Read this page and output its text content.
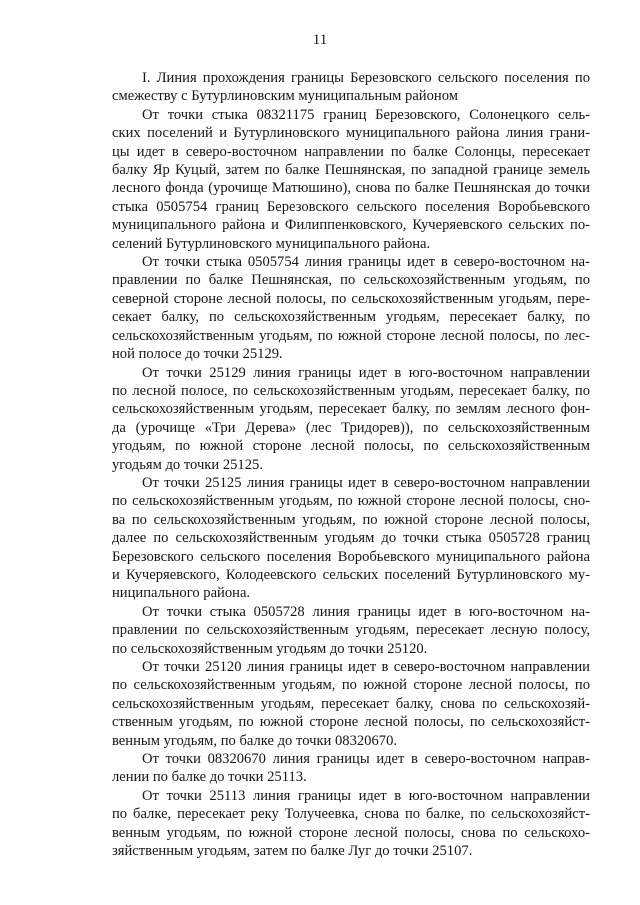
11
I. Линия прохождения границы Березовского сельского поселения по
смежеству с Бутурлиновским муниципальным районом
От точки стыка 08321175 границ Березовского, Солонецкого сель-
ских поселений и Бутурлиновского муниципального района линия грани-
цы идет в северо-восточном направлении по балке Солонцы, пересекает
балку Яр Куцый, затем по балке Пешнянская, по западной границе земель
лесного фонда (урочище Матюшино), снова по балке Пешнянская до точки
стыка 0505754 границ Березовского сельского поселения Воробьевского
муниципального района и Филиппенковского, Кучеряевского сельских по-
селений Бутурлиновского муниципального района.
От точки стыка 0505754 линия границы идет в северо-восточном на-
правлении по балке Пешнянская, по сельскохозяйственным угодьям, по
северной стороне лесной полосы, по сельскохозяйственным угодьям, пере-
секает балку, по сельскохозяйственным угодьям, пересекает балку, по
сельскохозяйственным угодьям, по южной стороне лесной полосы, по лес-
ной полосе до точки 25129.
От точки 25129 линия границы идет в юго-восточном направлении
по лесной полосе, по сельскохозяйственным угодьям, пересекает балку, по
сельскохозяйственным угодьям, пересекает балку, по землям лесного фон-
да (урочище «Три Дерева» (лес Тридорев)), по сельскохозяйственным
угодьям, по южной стороне лесной полосы, по сельскохозяйственным
угодьям до точки 25125.
От точки 25125 линия границы идет в северо-восточном направлении
по сельскохозяйственным угодьям, по южной стороне лесной полосы, сно-
ва по сельскохозяйственным угодьям, по южной стороне лесной полосы,
далее по сельскохозяйственным угодьям до точки стыка 0505728 границ
Березовского сельского поселения Воробьевского муниципального района
и Кучеряевского, Колодеевского сельских поселений Бутурлиновского му-
ниципального района.
От точки стыка 0505728 линия границы идет в юго-восточном на-
правлении по сельскохозяйственным угодьям, пересекает лесную полосу,
по сельскохозяйственным угодьям до точки 25120.
От точки 25120 линия границы идет в северо-восточном направлении
по сельскохозяйственным угодьям, по южной стороне лесной полосы, по
сельскохозяйственным угодьям, пересекает балку, снова по сельскохозяй-
ственным угодьям, по южной стороне лесной полосы, по сельскохозяйст-
венным угодьям, по балке до точки 08320670.
От точки 08320670 линия границы идет в северо-восточном направ-
лении по балке до точки 25113.
От точки 25113 линия границы идет в юго-восточном направлении
по балке, пересекает реку Толучеевка, снова по балке, по сельскохозяйст-
венным угодьям, по южной стороне лесной полосы, снова по сельскохо-
зяйственным угодьям, затем по балке Луг до точки 25107.
